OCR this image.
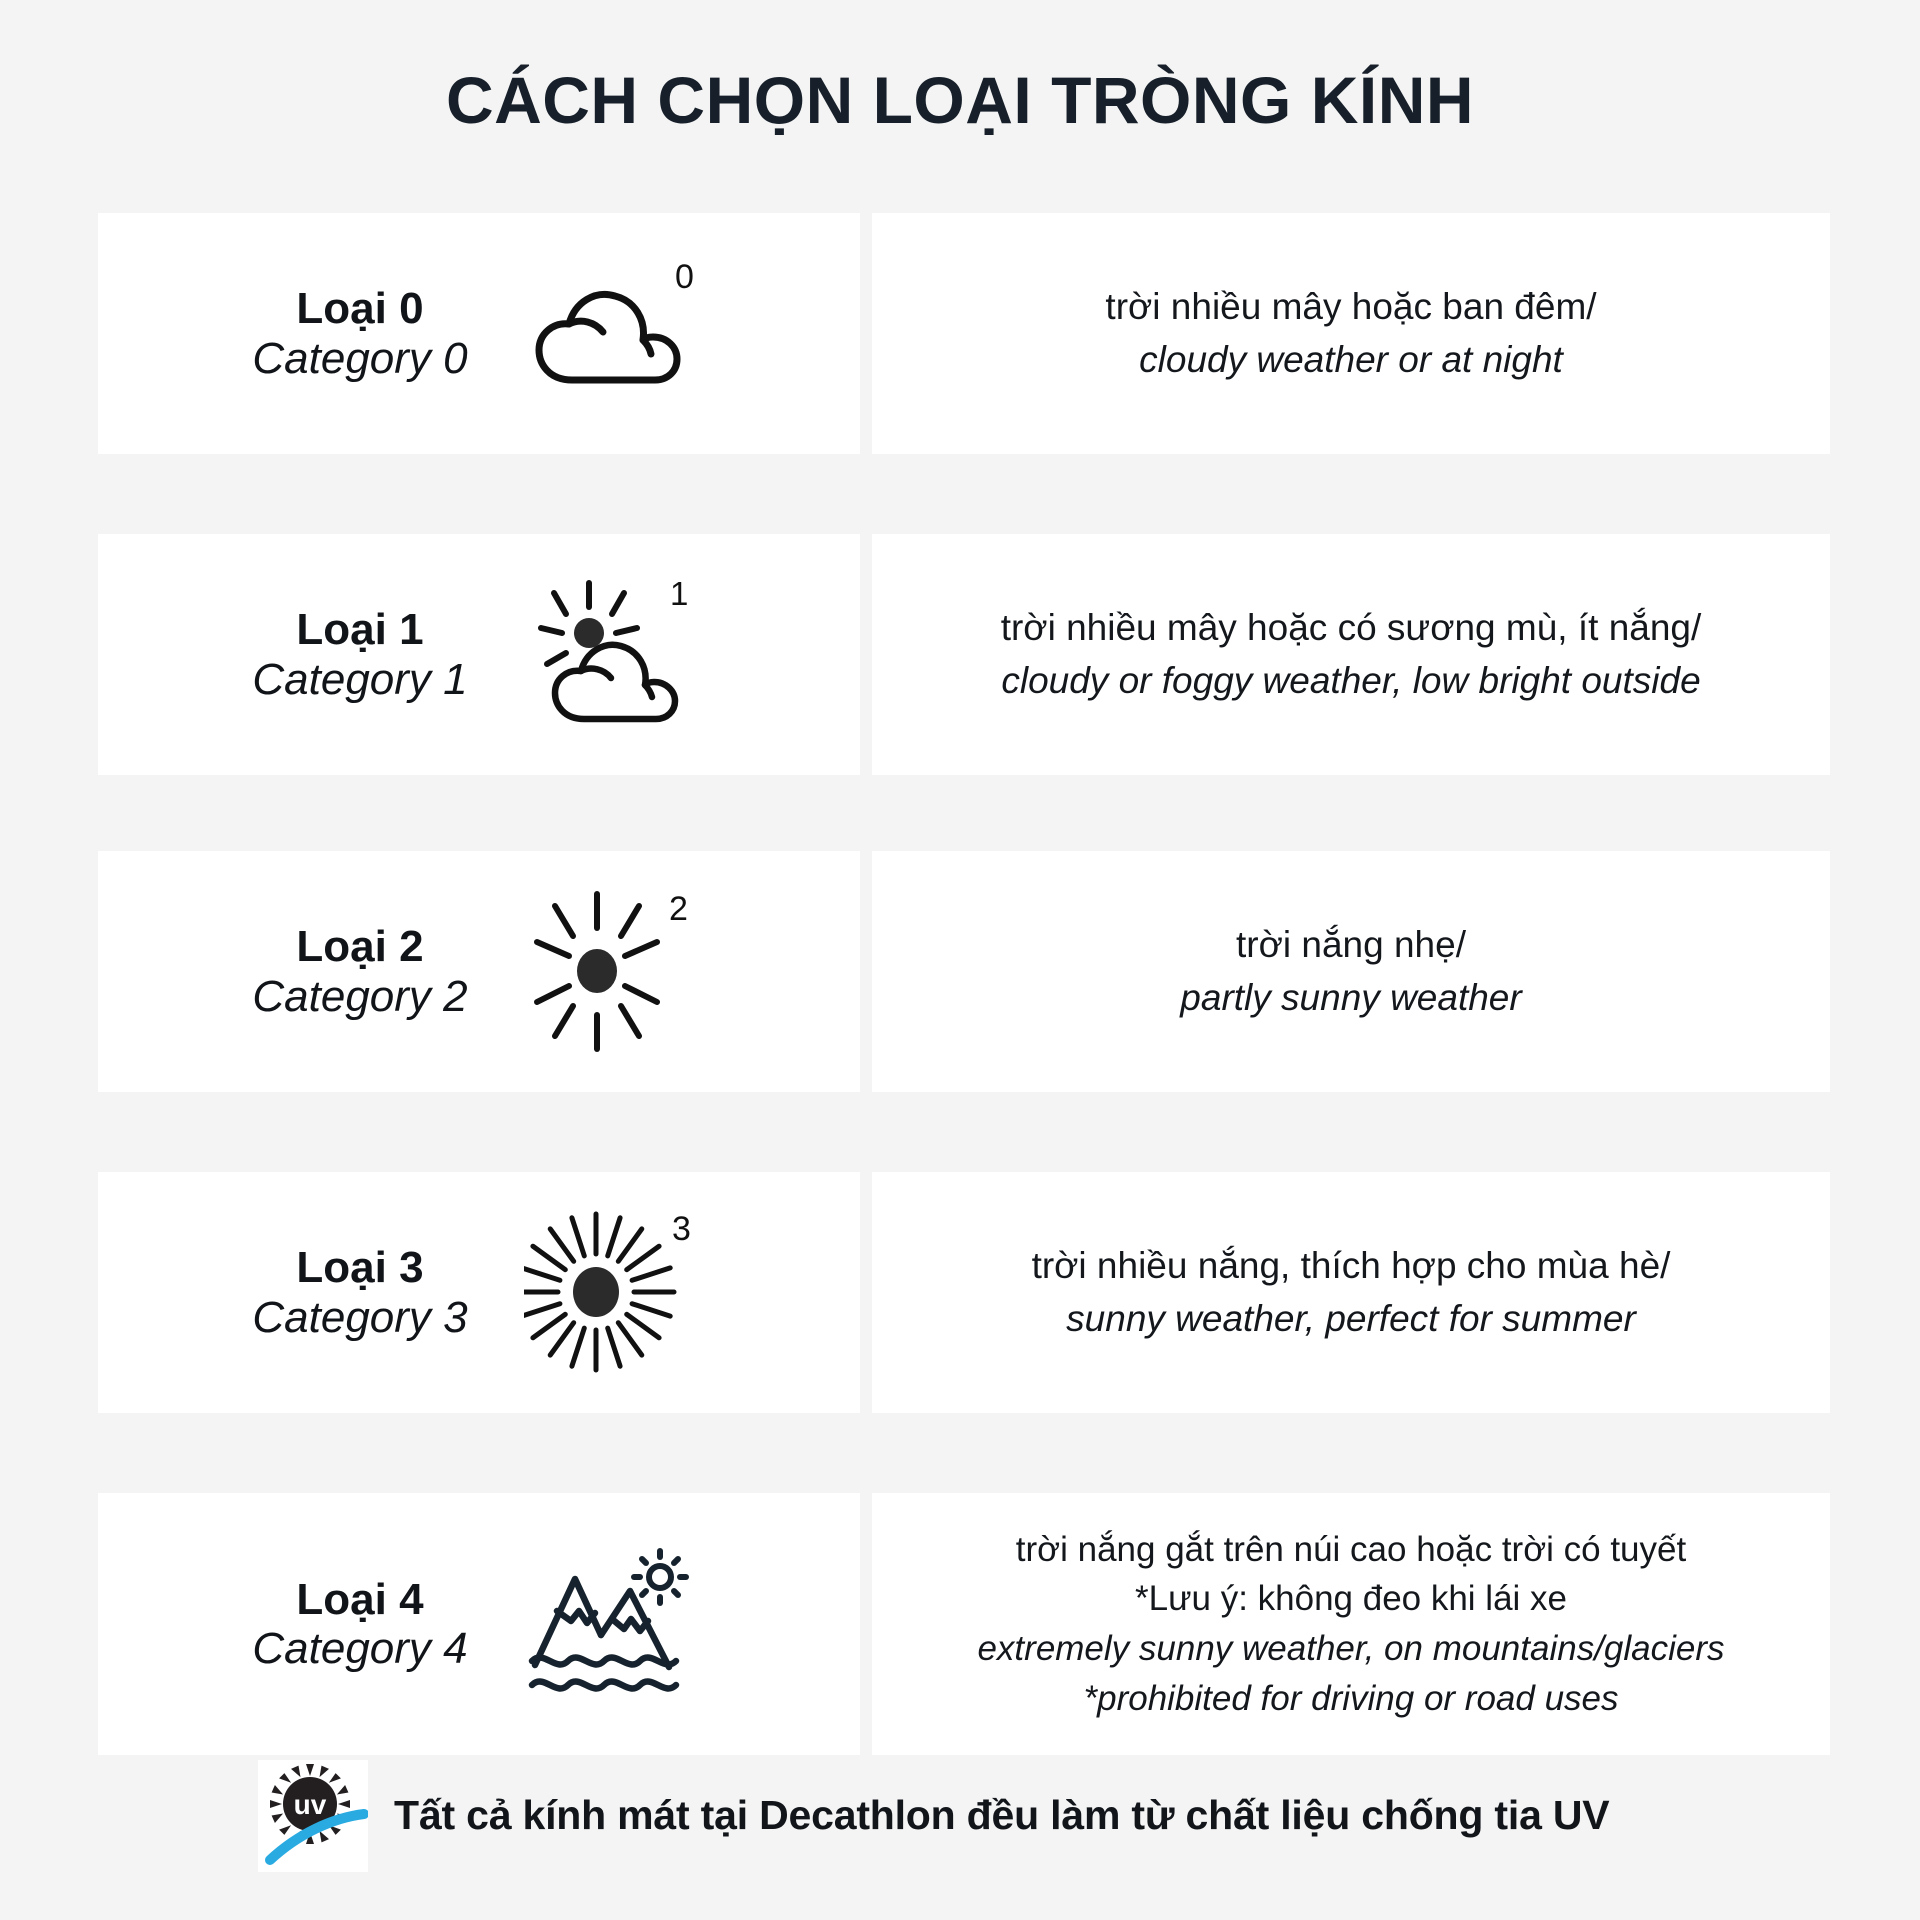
CÁCH CHỌN LOẠI TRÒNG KÍNH
Loại 0
Category 0
0
trời nhiều mây hoặc ban đêm/
cloudy weather or at night
Loại 1
Category 1
1
trời nhiều mây hoặc có sương mù, ít nắng/
cloudy or foggy weather, low bright outside
Loại 2
Category 2
2
trời nắng nhẹ/
partly sunny weather
Loại 3
Category 3
3
trời nhiều nắng, thích hợp cho mùa hè/
sunny weather, perfect for summer
Loại 4
Category 4
trời nắng gắt trên núi cao hoặc trời có tuyết
*Lưu ý: không đeo khi lái xe
extremely sunny weather, on mountains/glaciers
*prohibited for driving or road uses
uv Tất cả kính mát tại Decathlon đều làm từ chất liệu chống tia UV
